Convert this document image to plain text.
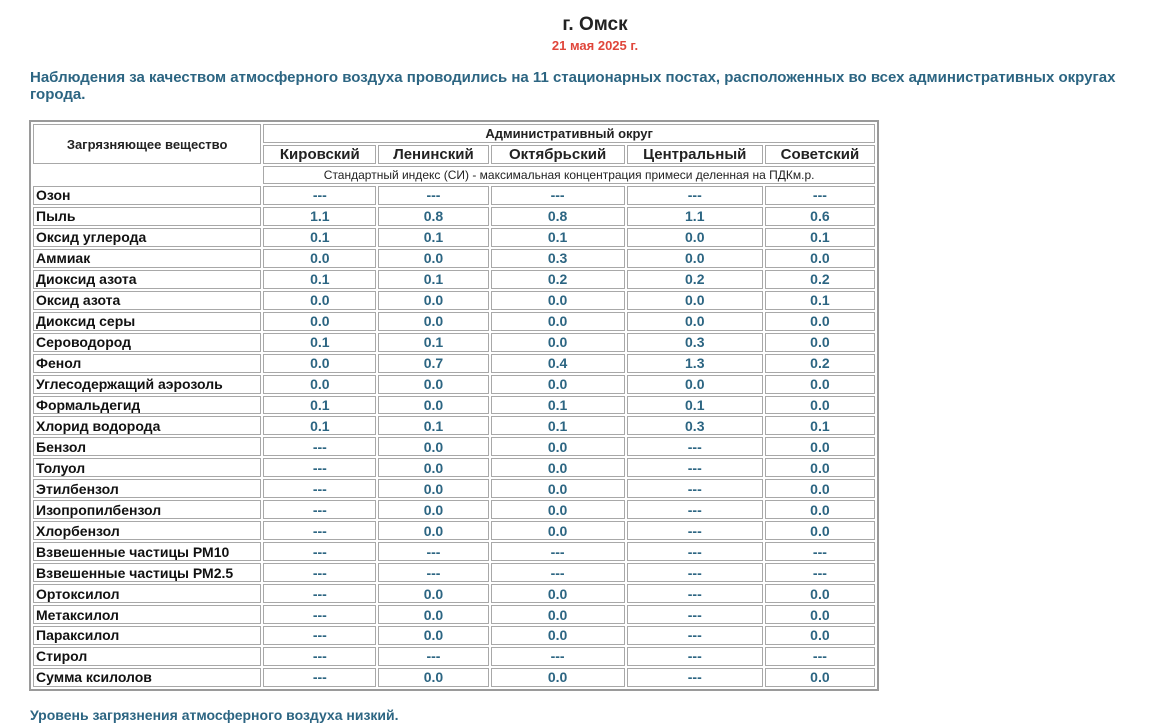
г. Омск
21 мая 2025 г.
Наблюдения за качеством атмосферного воздуха проводились на 11 стационарных постах, расположенных во всех административных округах города.
Загрязняющее вещество	Административный округ				
	Кировский	Ленинский	Октябрьский	Центральный	Советский
	Стандартный индекс (СИ) - максимальная концентрация примеси деленная на ПДКм.р.				
Озон	---	---	---	---	---
Пыль	1.1	0.8	0.8	1.1	0.6
Оксид углерода	0.1	0.1	0.1	0.0	0.1
Аммиак	0.0	0.0	0.3	0.0	0.0
Диоксид азота	0.1	0.1	0.2	0.2	0.2
Оксид азота	0.0	0.0	0.0	0.0	0.1
Диоксид серы	0.0	0.0	0.0	0.0	0.0
Сероводород	0.1	0.1	0.0	0.3	0.0
Фенол	0.0	0.7	0.4	1.3	0.2
Углесодержащий аэрозоль	0.0	0.0	0.0	0.0	0.0
Формальдегид	0.1	0.0	0.1	0.1	0.0
Хлорид водорода	0.1	0.1	0.1	0.3	0.1
Бензол	---	0.0	0.0	---	0.0
Толуол	---	0.0	0.0	---	0.0
Этилбензол	---	0.0	0.0	---	0.0
Изопропилбензол	---	0.0	0.0	---	0.0
Хлорбензол	---	0.0	0.0	---	0.0
Взвешенные частицы РМ10	---	---	---	---	---
Взвешенные частицы РМ2.5	---	---	---	---	---
Ортоксилол	---	0.0	0.0	---	0.0
Метаксилол	---	0.0	0.0	---	0.0
Параксилол	---	0.0	0.0	---	0.0
Стирол	---	---	---	---	---
Сумма ксилолов	---	0.0	0.0	---	0.0
Уровень загрязнения атмосферного воздуха низкий.
